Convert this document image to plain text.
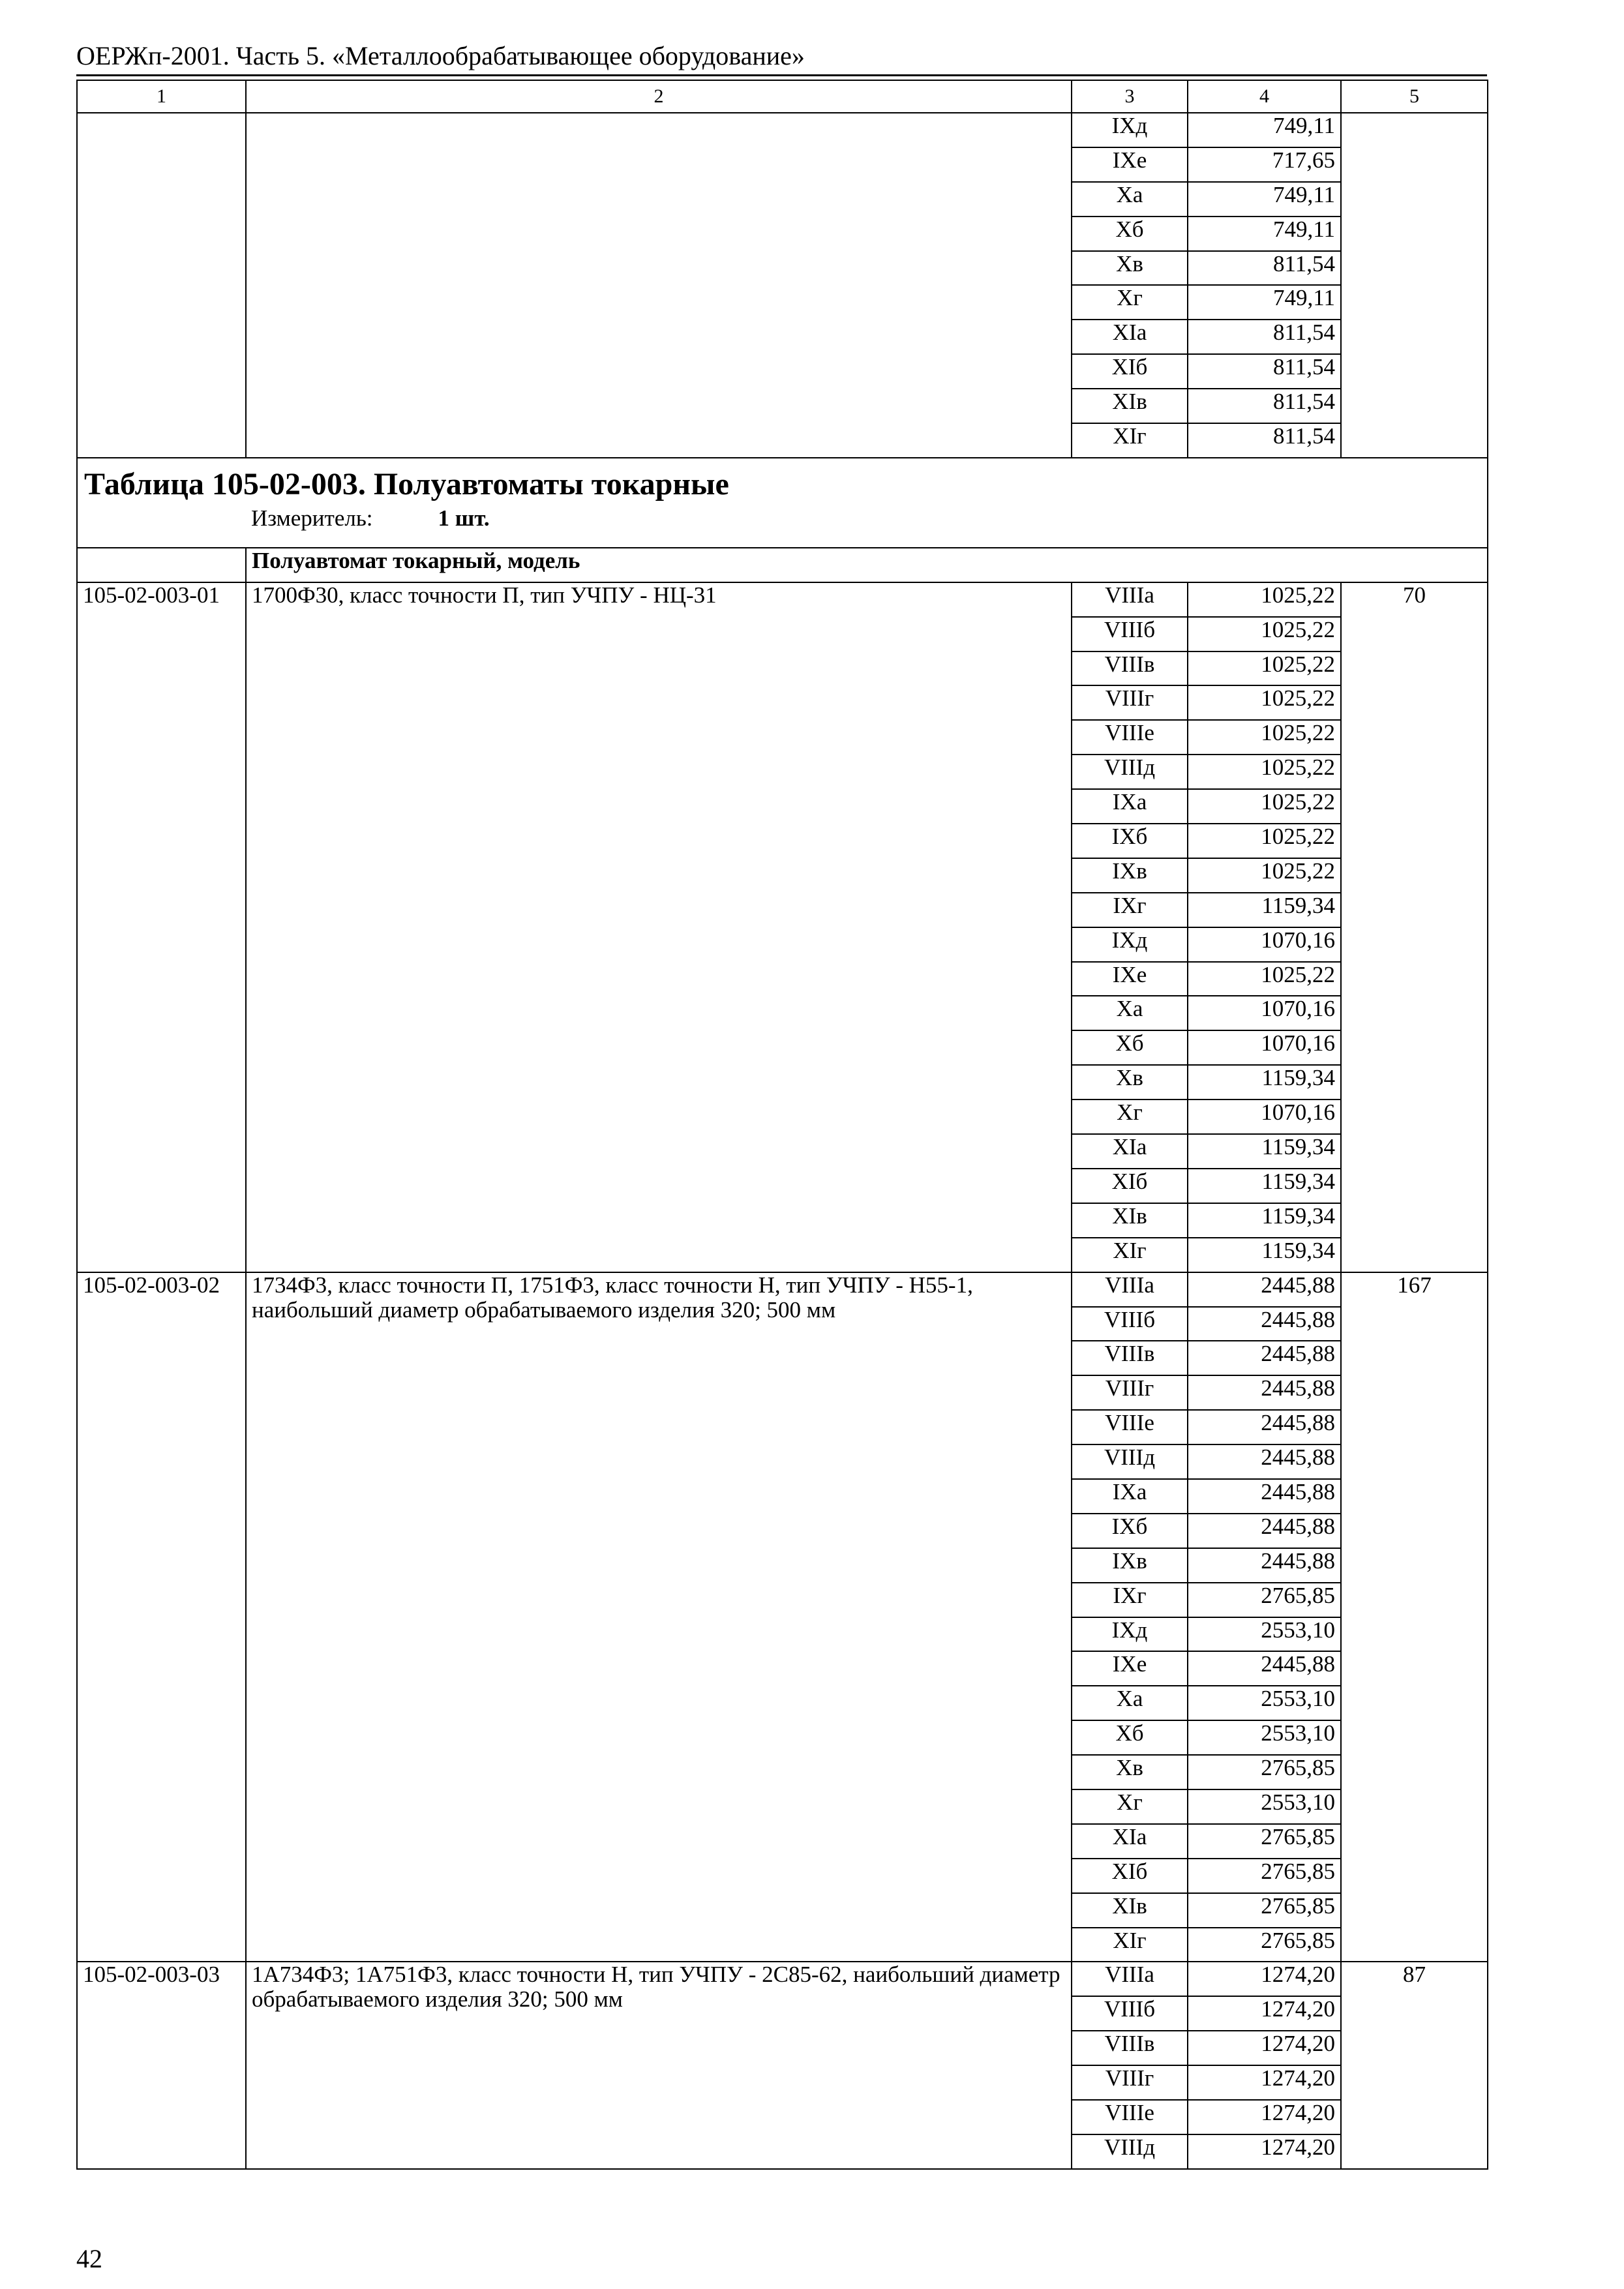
ОЕРЖп-2001. Часть 5. «Металлообрабатывающее оборудование»
1	2	3	4	5
		IXд	749,11	
		IXе	717,65	
		Xа	749,11	
		Xб	749,11	
		Xв	811,54	
		Xг	749,11	
		XIа	811,54	
		XIб	811,54	
		XIв	811,54	
		XIг	811,54	

Таблица 105-02-003. Полуавтоматы токарные
Измеритель: 1 шт.				

	Полуавтомат токарный, модель			
105-02-003-01	1700Ф30, класс точности П, тип УЧПУ - НЦ-31	VIIIа	1025,22	70
		VIIIб	1025,22	
		VIIIв	1025,22	
		VIIIг	1025,22	
		VIIIе	1025,22	
		VIIIд	1025,22	
		IXа	1025,22	
		IXб	1025,22	
		IXв	1025,22	
		IXг	1159,34	
		IXд	1070,16	
		IXе	1025,22	
		Xа	1070,16	
		Xб	1070,16	
		Xв	1159,34	
		Xг	1070,16	
		XIа	1159,34	
		XIб	1159,34	
		XIв	1159,34	
		XIг	1159,34	
105-02-003-02	1734Ф3, класс точности П, 1751Ф3, класс точности Н, тип УЧПУ - Н55-1, наибольший диаметр обрабатываемого изделия 320; 500 мм	VIIIа	2445,88	167
		VIIIб	2445,88	
		VIIIв	2445,88	
		VIIIг	2445,88	
		VIIIе	2445,88	
		VIIIд	2445,88	
		IXа	2445,88	
		IXб	2445,88	
		IXв	2445,88	
		IXг	2765,85	
		IXд	2553,10	
		IXе	2445,88	
		Xа	2553,10	
		Xб	2553,10	
		Xв	2765,85	
		Xг	2553,10	
		XIа	2765,85	
		XIб	2765,85	
		XIв	2765,85	
		XIг	2765,85	
105-02-003-03	1А734Ф3; 1А751Ф3, класс точности Н, тип УЧПУ - 2С85-62, наибольший диаметр обрабатываемого изделия 320; 500 мм	VIIIа	1274,20	87
		VIIIб	1274,20	
		VIIIв	1274,20	
		VIIIг	1274,20	
		VIIIе	1274,20	
		VIIIд	1274,20	
42
